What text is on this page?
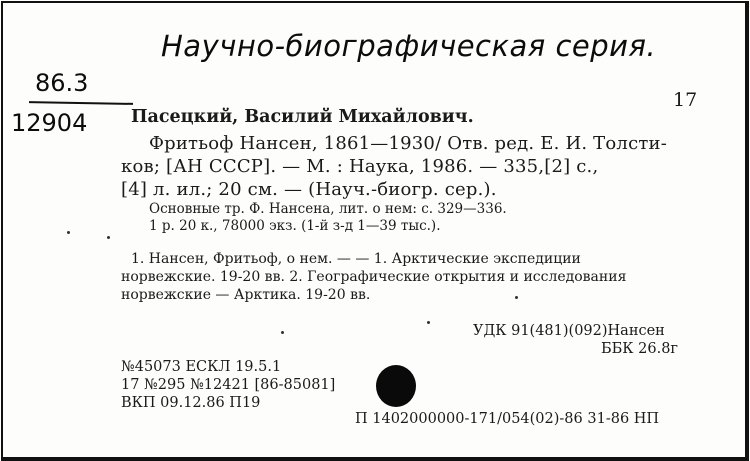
Научно-биографическая серия.
86.3
12904
17
Пасецкий, Василий Михайлович.
Фритьоф Нансен, 1861—1930/ Отв. ред. Е. И. Толсти-
ков; [АН СССР]. — М. : Наука, 1986. — 335,[2] с.,
[4] л. ил.; 20 см. — (Науч.-биогр. сер.).
Основные тр. Ф. Нансена, лит. о нем: с. 329—336.
1 р. 20 к., 78000 экз. (1-й з-д 1—39 тыс.).
1. Нансен, Фритьоф, о нем. — — 1. Арктические экспедиции
норвежские. 19-20 вв. 2. Географические открытия и исследования
норвежские — Арктика. 19-20 вв.
УДК 91(481)(092)Нансен
ББК 26.8г
№45073 ЕСКЛ 19.5.1
17 №295 №12421 [86-85081]
ВКП 09.12.86 П19
П 1402000000-171/054(02)-86 31-86 НП
